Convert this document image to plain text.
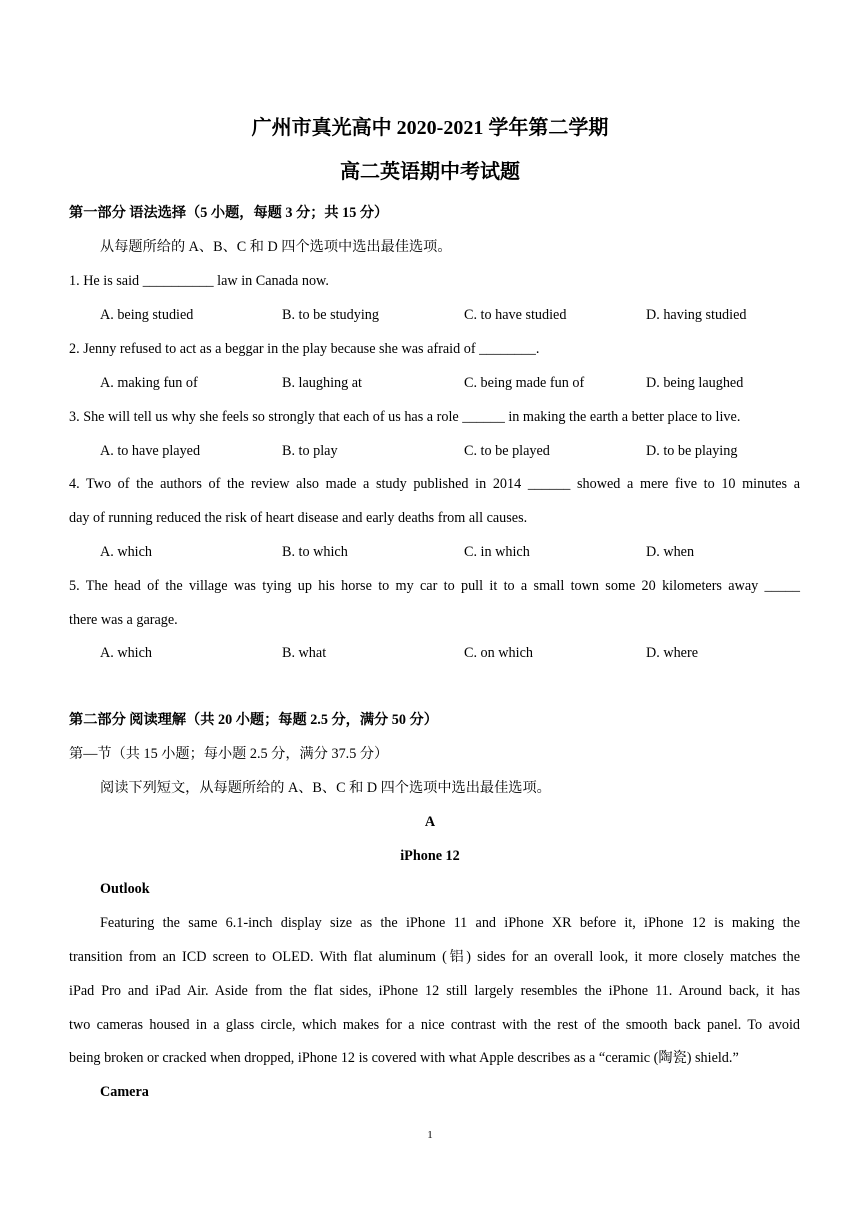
广州市真光高中 2020-2021 学年第二学期
高二英语期中考试题
第一部分 语法选择（5 小题，每题 3 分；共 15 分）
从每题所给的 A、B、C 和 D 四个选项中选出最佳选项。
1. He is said __________ law in Canada now.
A. being studied	B. to be studying	C. to have studied	D. having studied
2. Jenny refused to act as a beggar in the play because she was afraid of ________.
A. making fun of	B. laughing at	C. being made fun of	D. being laughed
3. She will tell us why she feels so strongly that each of us has a role ______ in making the earth a better place to live.
A. to have played	B. to play	C. to be played	D. to be playing
4. Two of the authors of the review also made a study published in 2014 ______ showed a mere five to 10 minutes a
day of running reduced the risk of heart disease and early deaths from all causes.
A. which	B. to which	C. in which	D. when
5. The head of the village was tying up his horse to my car to pull it to a small town some 20 kilometers away _____
there was a garage.
A. which	B. what	C. on which	D. where
第二部分 阅读理解（共 20 小题；每题 2.5 分，满分 50 分）
第—节（共 15 小题；每小题 2.5 分，满分 37.5 分）
阅读下列短文，从每题所给的 A、B、C 和 D 四个选项中选出最佳选项。
A
iPhone 12
Outlook
Featuring the same 6.1-inch display size as the iPhone 11 and iPhone XR before it, iPhone 12 is making the
transition from an ICD screen to OLED. With flat aluminum (铝) sides for an overall look, it more closely matches the
iPad Pro and iPad Air. Aside from the flat sides, iPhone 12 still largely resembles the iPhone 11. Around back, it has
two cameras housed in a glass circle, which makes for a nice contrast with the rest of the smooth back panel. To avoid
being broken or cracked when dropped, iPhone 12 is covered with what Apple describes as a “ceramic (陶瓷) shield.”
Camera
1
